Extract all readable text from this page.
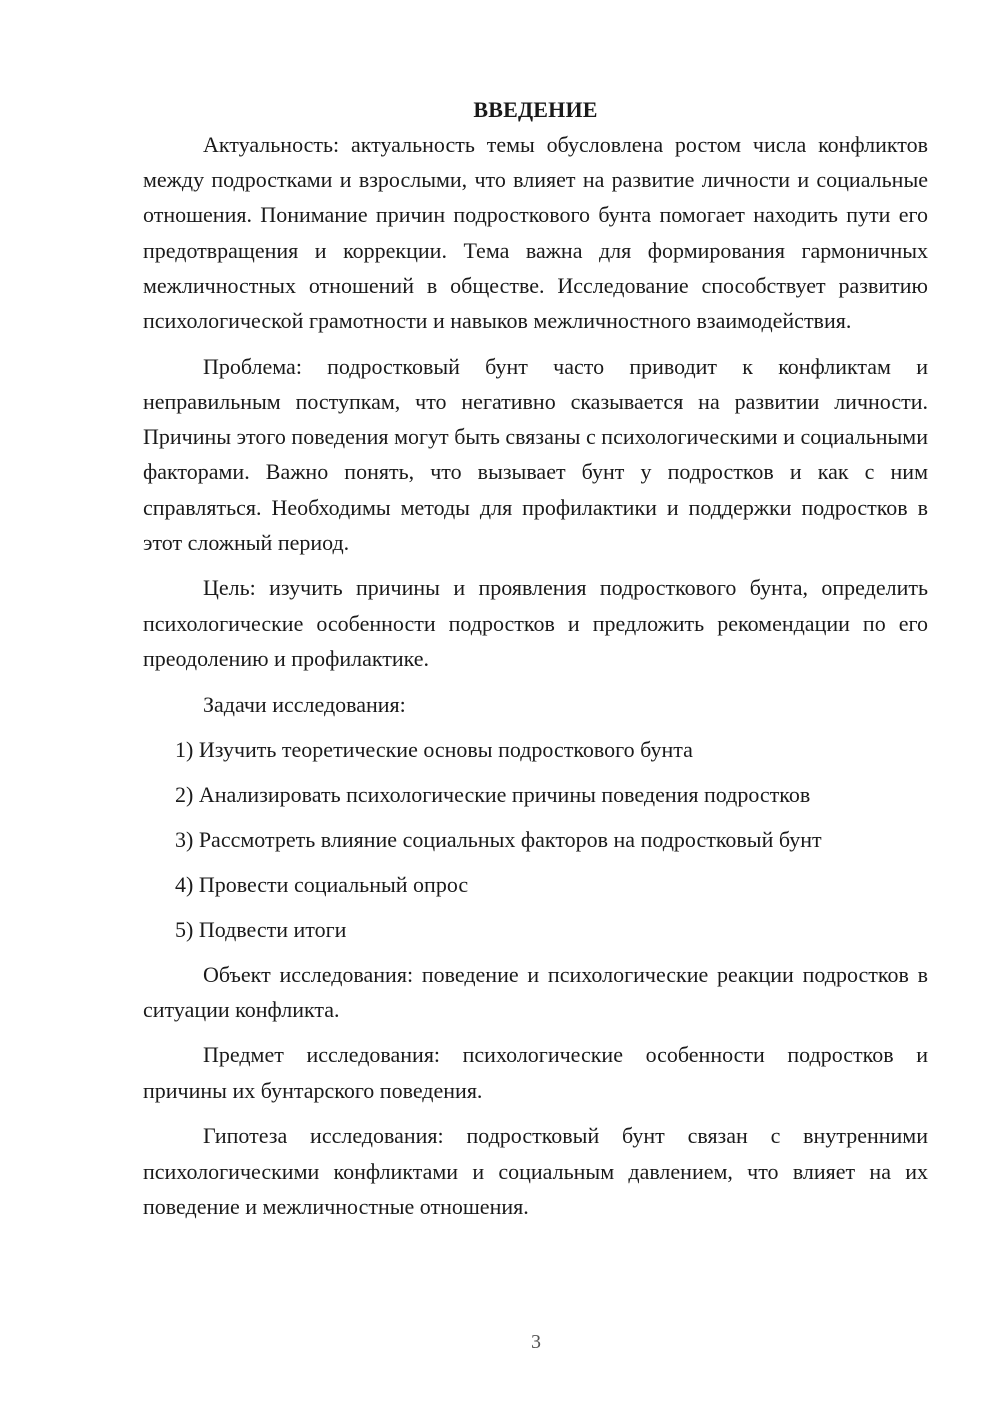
ВВЕДЕНИЕ

Актуальность: актуальность темы обусловлена ростом числа конфликтов между подростками и взрослыми, что влияет на развитие личности и социальные отношения. Понимание причин подросткового бунта помогает находить пути его предотвращения и коррекции. Тема важна для формирования гармоничных межличностных отношений в обществе. Исследование способствует развитию психологической грамотности и навыков межличностного взаимодействия.

Проблема: подростковый бунт часто приводит к конфликтам и неправильным поступкам, что негативно сказывается на развитии личности. Причины этого поведения могут быть связаны с психологическими и социальными факторами. Важно понять, что вызывает бунт у подростков и как с ним справляться. Необходимы методы для профилактики и поддержки подростков в этот сложный период.

Цель: изучить причины и проявления подросткового бунта, определить психологические особенности подростков и предложить рекомендации по его преодолению и профилактике.

Задачи исследования:

1) Изучить теоретические основы подросткового бунта

2) Анализировать психологические причины поведения подростков

3) Рассмотреть влияние социальных факторов на подростковый бунт

4) Провести социальный опрос

5) Подвести итоги

Объект исследования: поведение и психологические реакции подростков в ситуации конфликта.

Предмет исследования: психологические особенности подростков и причины их бунтарского поведения.

Гипотеза исследования: подростковый бунт связан с внутренними психологическими конфликтами и социальным давлением, что влияет на их поведение и межличностные отношения.

3
